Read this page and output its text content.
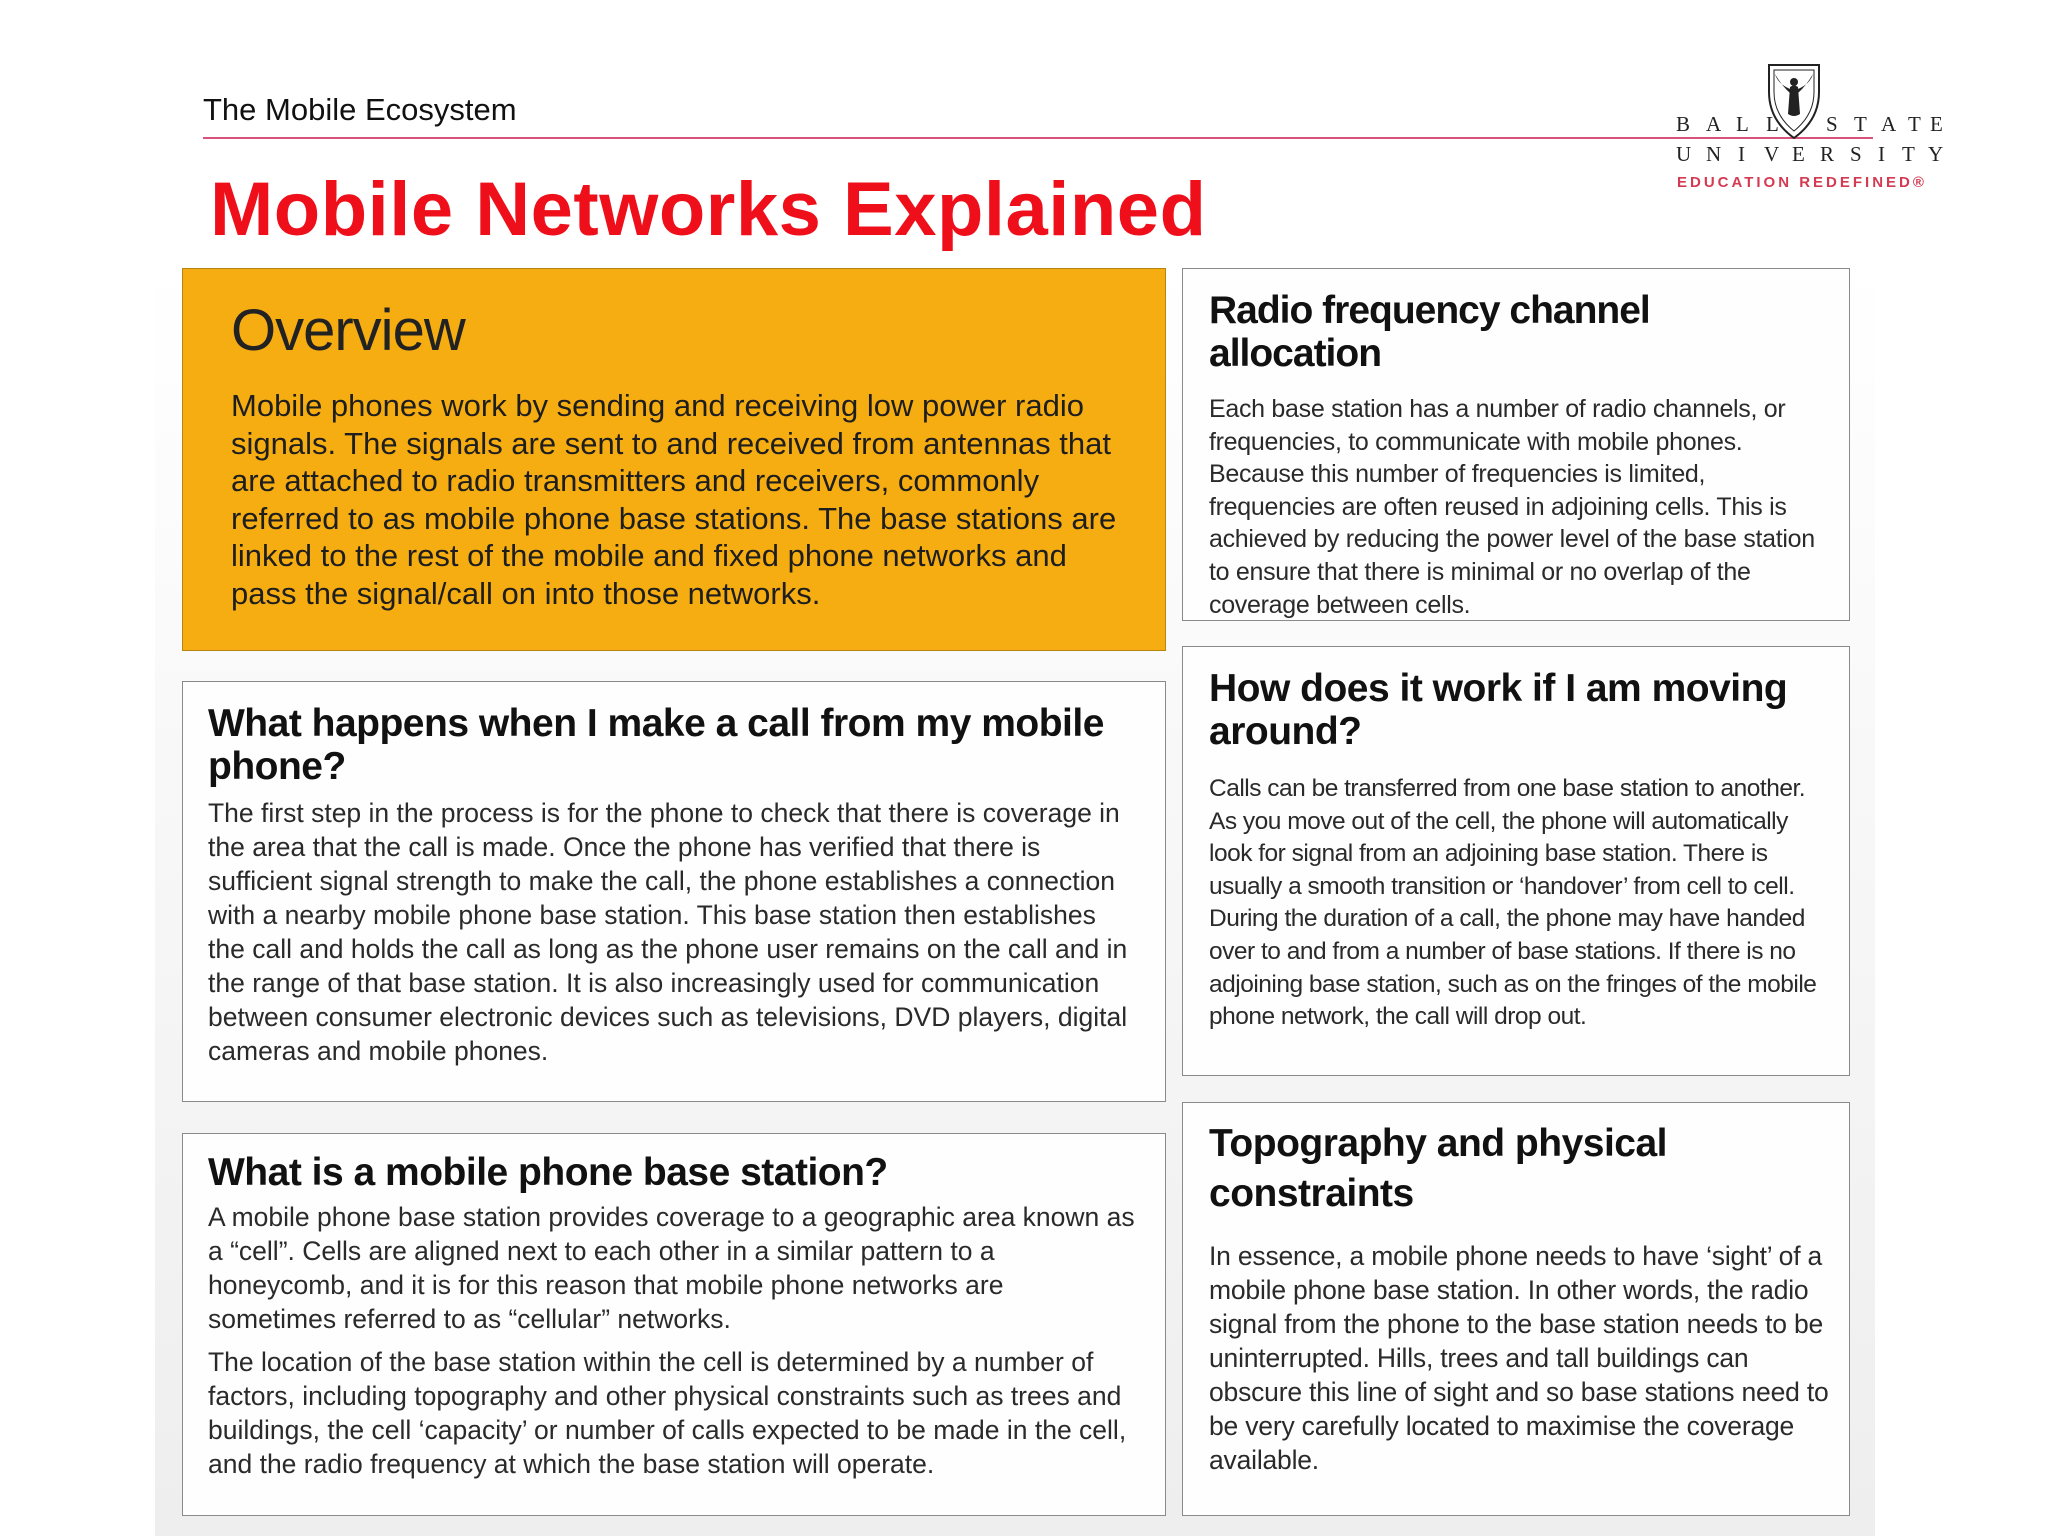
The Mobile Ecosystem
Mobile Networks Explained
B A L L S T A T E
U N I V E R S I T Y
EDUCATION REDEFINED®
Overview

Mobile phones work by sending and receiving low power radio signals. The signals are sent to and received from antennas that are attached to radio transmitters and receivers, commonly referred to as mobile phone base stations. The base stations are linked to the rest of the mobile and fixed phone networks and pass the signal/call on into those networks.

What happens when I make a call from my mobile phone?

The first step in the process is for the phone to check that there is coverage in the area that the call is made. Once the phone has verified that there is sufficient signal strength to make the call, the phone establishes a connection with a nearby mobile phone base station. This base station then establishes the call and holds the call as long as the phone user remains on the call and in the range of that base station. It is also increasingly used for communication between consumer electronic devices such as televisions, DVD players, digital cameras and mobile phones.

What is a mobile phone base station?

A mobile phone base station provides coverage to a geographic area known as a “cell”. Cells are aligned next to each other in a similar pattern to a honeycomb, and it is for this reason that mobile phone networks are sometimes referred to as “cellular” networks.

The location of the base station within the cell is determined by a number of factors, including topography and other physical constraints such as trees and buildings, the cell ‘capacity’ or number of calls expected to be made in the cell, and the radio frequency at which the base station will operate.

Radio frequency channel allocation

Each base station has a number of radio channels, or frequencies, to communicate with mobile phones. Because this number of frequencies is limited, frequencies are often reused in adjoining cells. This is achieved by reducing the power level of the base station to ensure that there is minimal or no overlap of the coverage between cells.

How does it work if I am moving around?

Calls can be transferred from one base station to another. As you move out of the cell, the phone will automatically look for signal from an adjoining base station. There is usually a smooth transition or ‘handover’ from cell to cell. During the duration of a call, the phone may have handed over to and from a number of base stations. If there is no adjoining base station, such as on the fringes of the mobile phone network, the call will drop out.

Topography and physical constraints

In essence, a mobile phone needs to have ‘sight’ of a mobile phone base station. In other words, the radio signal from the phone to the base station needs to be uninterrupted. Hills, trees and tall buildings can obscure this line of sight and so base stations need to be very carefully located to maximise the coverage available.
